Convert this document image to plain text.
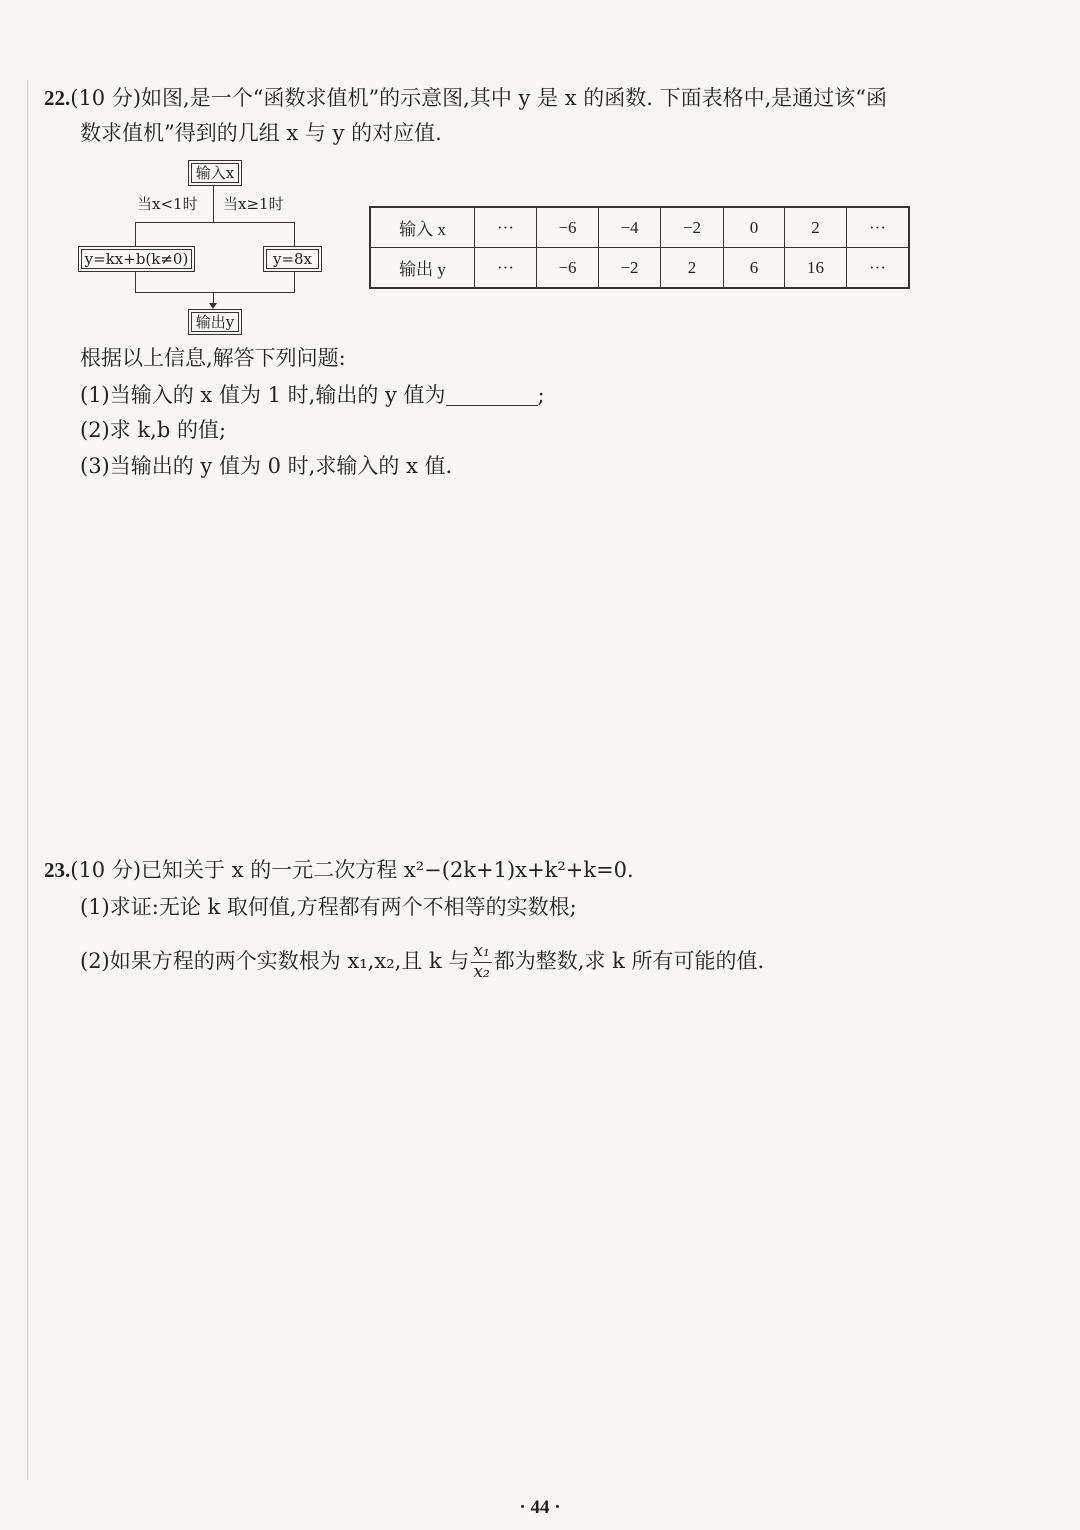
22.(10 分)如图,是一个“函数求值机”的示意图,其中 y 是 x 的函数. 下面表格中,是通过该“函
数求值机”得到的几组 x 与 y 的对应值.
输入x
当x<1时 当x≥1时
y=kx+b(k≠0)	y=8x
输出y
输入 x	···	−6	−4	−2	0	2	···
输出 y	···	−6	−2	2	6	16	···
根据以上信息,解答下列问题:
(1)当输入的 x 值为 1 时,输出的 y 值为	;
(2)求 k,b 的值;
(3)当输出的 y 值为 0 时,求输入的 x 值.
23.(10 分)已知关于 x 的一元二次方程 x²−(2k+1)x+k²+k=0.
(1)求证:无论 k 取何值,方程都有两个不相等的实数根;
(2)如果方程的两个实数根为 x₁,x₂,且 k 与 $\frac{\text{x₁}}{\text{x₂}}$ 都为整数,求 k 所有可能的值.
· 44 ·
